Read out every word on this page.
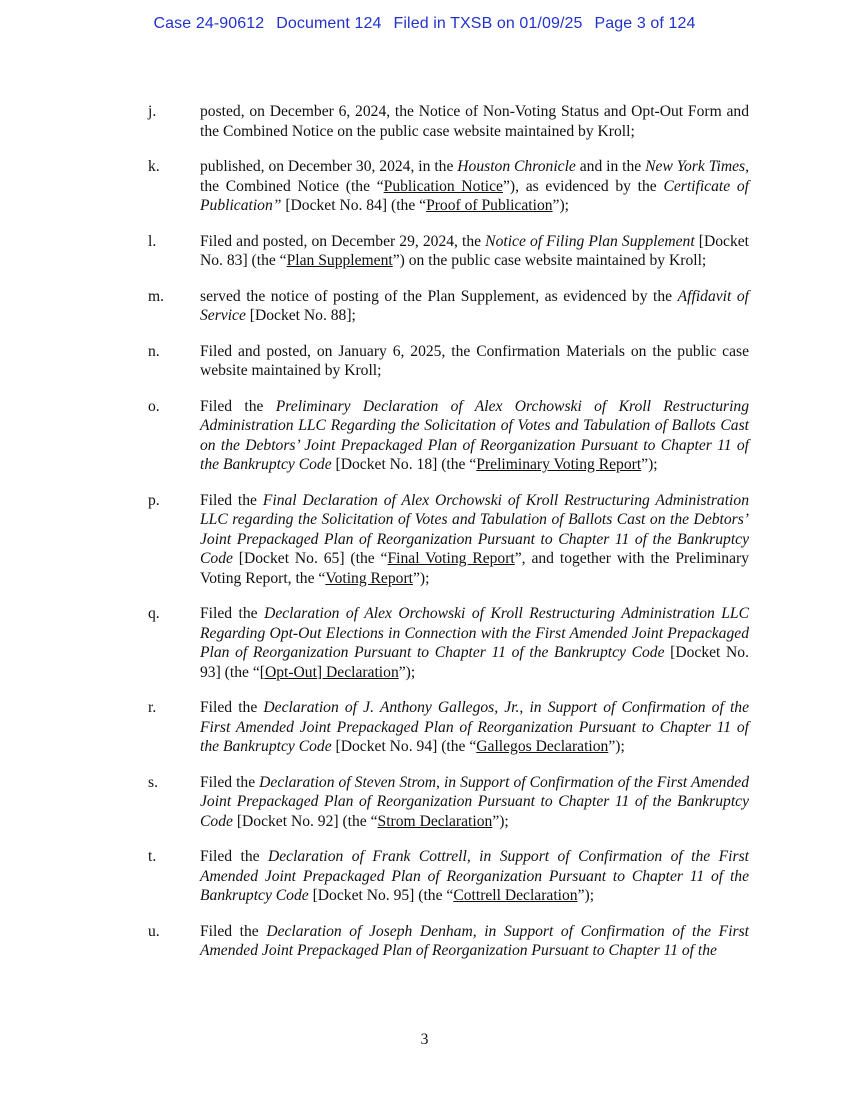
Case 24-90612 Document 124 Filed in TXSB on 01/09/25 Page 3 of 124
j.	posted, on December 6, 2024, the Notice of Non-Voting Status and Opt-Out Form and the Combined Notice on the public case website maintained by Kroll;
k.	published, on December 30, 2024, in the Houston Chronicle and in the New York Times, the Combined Notice (the “Publication Notice”), as evidenced by the Certificate of Publication” [Docket No. 84] (the “Proof of Publication”);
l.	Filed and posted, on December 29, 2024, the Notice of Filing Plan Supplement [Docket No. 83] (the “Plan Supplement”) on the public case website maintained by Kroll;
m. served the notice of posting of the Plan Supplement, as evidenced by the Affidavit of Service [Docket No. 88];
n.	Filed and posted, on January 6, 2025, the Confirmation Materials on the public case website maintained by Kroll;
o.	Filed the Preliminary Declaration of Alex Orchowski of Kroll Restructuring Administration LLC Regarding the Solicitation of Votes and Tabulation of Ballots Cast on the Debtors’ Joint Prepackaged Plan of Reorganization Pursuant to Chapter 11 of the Bankruptcy Code [Docket No. 18] (the “Preliminary Voting Report”);
p.	Filed the Final Declaration of Alex Orchowski of Kroll Restructuring Administration LLC regarding the Solicitation of Votes and Tabulation of Ballots Cast on the Debtors’ Joint Prepackaged Plan of Reorganization Pursuant to Chapter 11 of the Bankruptcy Code [Docket No. 65] (the “Final Voting Report”, and together with the Preliminary Voting Report, the “Voting Report”);
q.	Filed the Declaration of Alex Orchowski of Kroll Restructuring Administration LLC Regarding Opt-Out Elections in Connection with the First Amended Joint Prepackaged Plan of Reorganization Pursuant to Chapter 11 of the Bankruptcy Code [Docket No. 93] (the “[Opt-Out] Declaration”);
r.	Filed the Declaration of J. Anthony Gallegos, Jr., in Support of Confirmation of the First Amended Joint Prepackaged Plan of Reorganization Pursuant to Chapter 11 of the Bankruptcy Code [Docket No. 94] (the “Gallegos Declaration”);
s.	Filed the Declaration of Steven Strom, in Support of Confirmation of the First Amended Joint Prepackaged Plan of Reorganization Pursuant to Chapter 11 of the Bankruptcy Code [Docket No. 92] (the “Strom Declaration”);
t.	Filed the Declaration of Frank Cottrell, in Support of Confirmation of the First Amended Joint Prepackaged Plan of Reorganization Pursuant to Chapter 11 of the Bankruptcy Code [Docket No. 95] (the “Cottrell Declaration”);
u.	Filed the Declaration of Joseph Denham, in Support of Confirmation of the First Amended Joint Prepackaged Plan of Reorganization Pursuant to Chapter 11 of the
3
